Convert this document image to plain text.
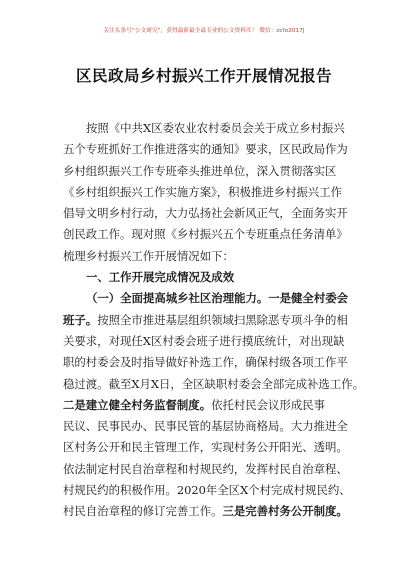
关注头条号“公文研究”，获得最新最全最专业的公文资料库！ 微信：zcfo2017J
区民政局乡村振兴工作开展情况报告
按照《中共X区委农业农村委员会关于成立乡村振兴
五个专班抓好工作推进落实的通知》要求，区民政局作为
乡村组织振兴工作专班牵头推进单位，深入贯彻落实区
《乡村组织振兴工作实施方案》，积极推进乡村振兴工作
倡导文明乡村行动，大力弘扬社会新风正气，全面务实开
创民政工作。现对照《乡村振兴五个专班重点任务清单》
梳理乡村振兴工作开展情况如下：
一、工作开展完成情况及成效
（一）全面提高城乡社区治理能力。一是健全村委会
班子。按照全市推进基层组织领域扫黑除恶专项斗争的相
关要求，对现任X区村委会班子进行摸底统计，对出现缺
职的村委会及时指导做好补选工作，确保村级各项工作平
稳过渡。截至X月X日，全区缺职村委会全部完成补选工作。
二是建立健全村务监督制度。依托村民会议形成民事
民议、民事民办、民事民管的基层协商格局。大力推进全
区村务公开和民主管理工作，实现村务公开阳光、透明。
依法制定村民自治章程和村规民约，发挥村民自治章程、
村规民约的积极作用。2020年全区X个村完成村规民约、
村民自治章程的修订完善工作。三是完善村务公开制度。
